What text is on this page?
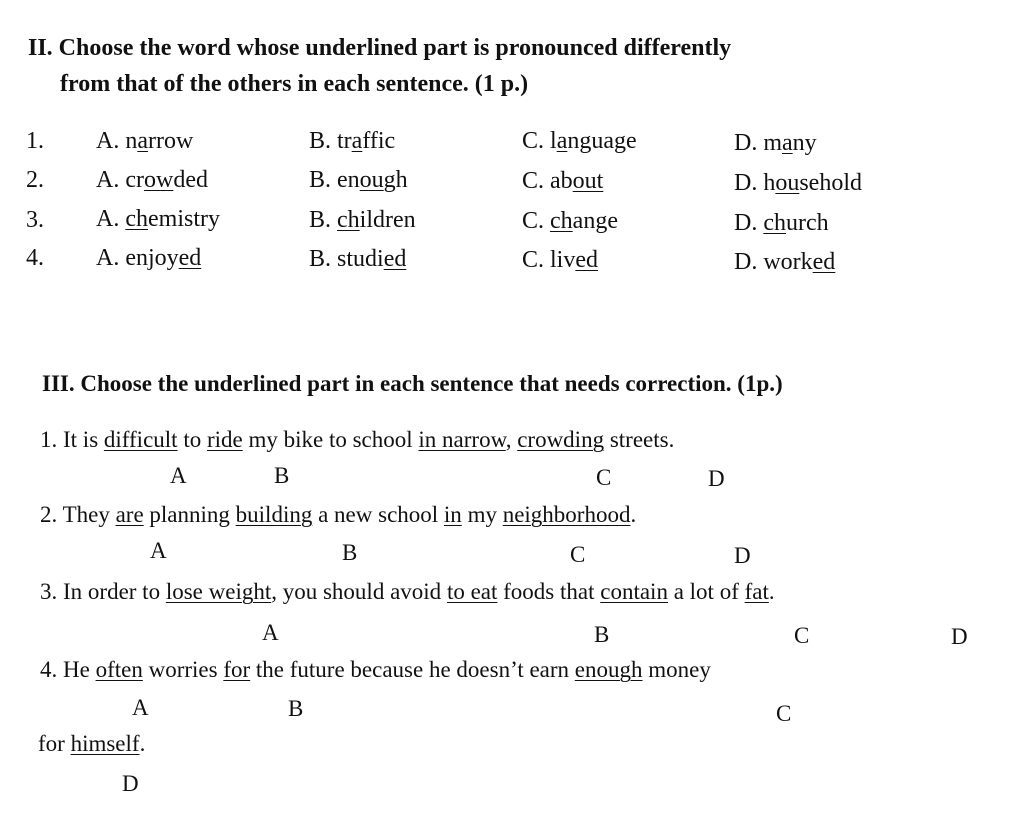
II. Choose the word whose underlined part is pronounced differently
from that of the others in each sentence. (1 p.)
1. A. narrow	B. traffic	C. language	D. many
2. A. crowded	B. enough	C. about	D. household
3. A. chemistry	B. children	C. change	D. church
4. A. enjoyed	B. studied	C. lived	D. worked
III. Choose the underlined part in each sentence that needs correction. (1p.)
1. It is difficult to ride my bike to school in narrow, crowding streets.
A	B	C	D
2. They are planning building a new school in my neighborhood.
A	B	C	D
3. In order to lose weight, you should avoid to eat foods that contain a lot of fat.
A	B	C	D
4. He often worries for the future because he doesn’t earn enough money
A	B	C
for himself.
D
